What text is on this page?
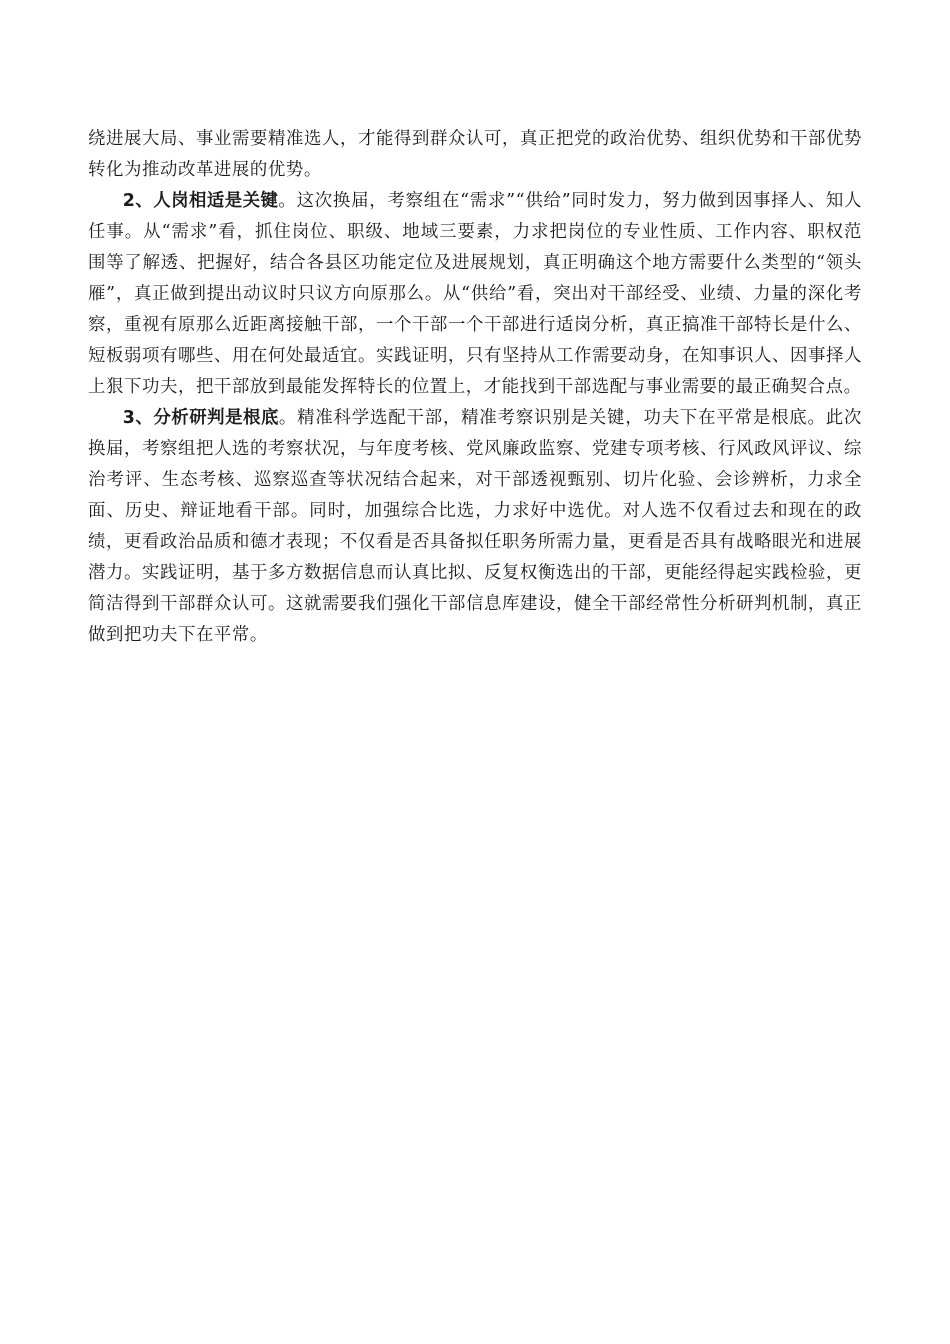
绕进展大局、事业需要精准选人，才能得到群众认可，真正把党的政治优势、组织优势和干部优势转化为推动改革进展的优势。

2、人岗相适是关键。这次换届，考察组在“需求”“供给”同时发力，努力做到因事择人、知人任事。从“需求”看，抓住岗位、职级、地域三要素，力求把岗位的专业性质、工作内容、职权范围等了解透、把握好，结合各县区功能定位及进展规划，真正明确这个地方需要什么类型的“领头雁”，真正做到提出动议时只议方向原那么。从“供给”看，突出对干部经受、业绩、力量的深化考察，重视有原那么近距离接触干部，一个干部一个干部进行适岗分析，真正搞准干部特长是什么、短板弱项有哪些、用在何处最适宜。实践证明，只有坚持从工作需要动身，在知事识人、因事择人上狠下功夫，把干部放到最能发挥特长的位置上，才能找到干部选配与事业需要的最正确契合点。

3、分析研判是根底。精准科学选配干部，精准考察识别是关键，功夫下在平常是根底。此次换届，考察组把人选的考察状况，与年度考核、党风廉政监察、党建专项考核、行风政风评议、综治考评、生态考核、巡察巡查等状况结合起来，对干部透视甄别、切片化验、会诊辨析，力求全面、历史、辩证地看干部。同时，加强综合比选，力求好中选优。对人选不仅看过去和现在的政绩，更看政治品质和德才表现；不仅看是否具备拟任职务所需力量，更看是否具有战略眼光和进展潜力。实践证明，基于多方数据信息而认真比拟、反复权衡选出的干部，更能经得起实践检验，更简洁得到干部群众认可。这就需要我们强化干部信息库建设，健全干部经常性分析研判机制，真正做到把功夫下在平常。
